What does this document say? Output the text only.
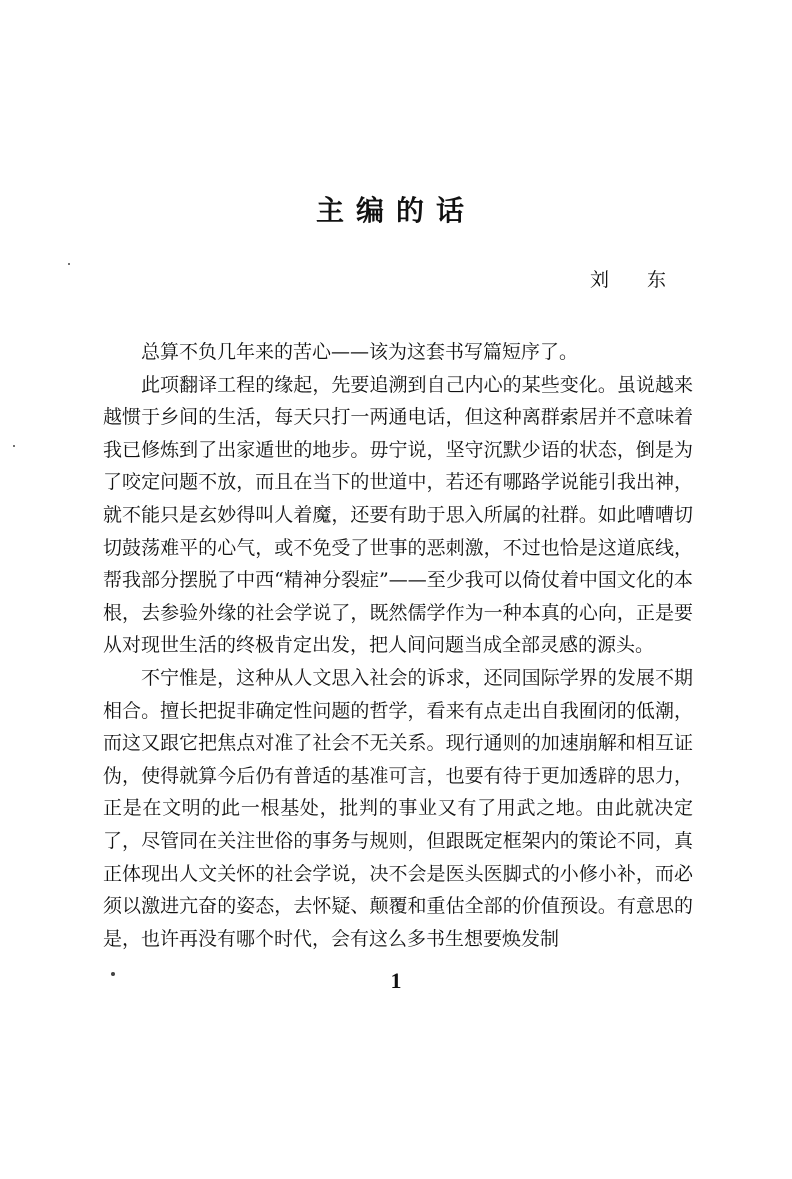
主编的话
刘 东

总算不负几年来的苦心——该为这套书写篇短序了。

此项翻译工程的缘起，先要追溯到自己内心的某些变化。虽说越来越惯于乡间的生活，每天只打一两通电话，但这种离群索居并不意味着我已修炼到了出家遁世的地步。毋宁说，坚守沉默少语的状态，倒是为了咬定问题不放，而且在当下的世道中，若还有哪路学说能引我出神，就不能只是玄妙得叫人着魔，还要有助于思入所属的社群。如此嘈嘈切切鼓荡难平的心气，或不免受了世事的恶刺激，不过也恰是这道底线，帮我部分摆脱了中西“精神分裂症”——至少我可以倚仗着中国文化的本根，去参验外缘的社会学说了，既然儒学作为一种本真的心向，正是要从对现世生活的终极肯定出发，把人间问题当成全部灵感的源头。

不宁惟是，这种从人文思入社会的诉求，还同国际学界的发展不期相合。擅长把捉非确定性问题的哲学，看来有点走出自我囿闭的低潮，而这又跟它把焦点对准了社会不无关系。现行通则的加速崩解和相互证伪，使得就算今后仍有普适的基准可言，也要有待于更加透辟的思力，正是在文明的此一根基处，批判的事业又有了用武之地。由此就决定了，尽管同在关注世俗的事务与规则，但跟既定框架内的策论不同，真正体现出人文关怀的社会学说，决不会是医头医脚式的小修小补，而必须以激进亢奋的姿态，去怀疑、颠覆和重估全部的价值预设。有意思的是，也许再没有哪个时代，会有这么多书生想要焕发制

1
